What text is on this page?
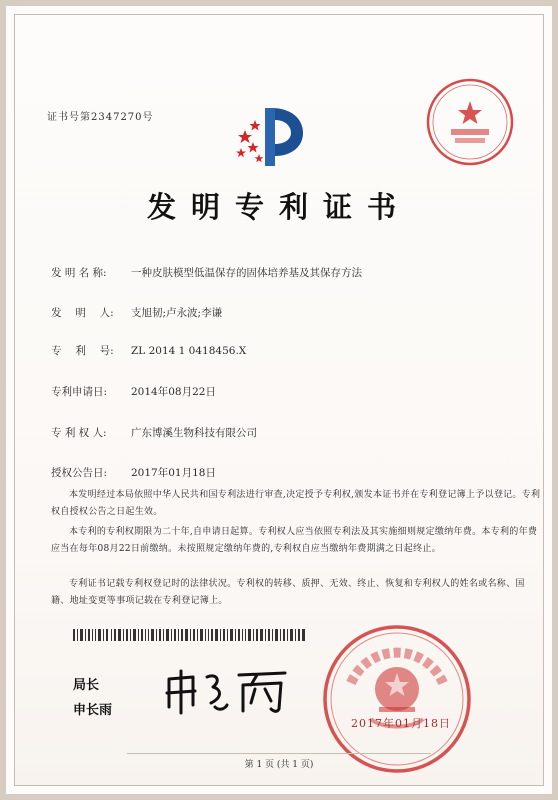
证书号第2347270号
发明专利证书
发 明 名 称: 一种皮肤模型低温保存的固体培养基及其保存方法
发　 明 　人: 支旭韧;卢永波;李谦
专　 利　 号: ZL 2014 1 0418456.X
专利申请日: 2014年08月22日
专 利 权 人: 广东博溪生物科技有限公司
授权公告日: 2017年01月18日
本发明经过本局依照中华人民共和国专利法进行审查,决定授予专利权,颁发本证书并在专利登记簿上予以登记。专利权自授权公告之日起生效。
本专利的专利权期限为二十年,自申请日起算。专利权人应当依照专利法及其实施细则规定缴纳年费。本专利的年费应当在每年08月22日前缴纳。未按照规定缴纳年费的,专利权自应当缴纳年费期满之日起终止。
专利证书记载专利权登记时的法律状况。专利权的转移、质押、无效、终止、恢复和专利权人的姓名或名称、国籍、地址变更等事项记载在专利登记簿上。
局长
申长雨
2017年01月18日
第 1 页 (共 1 页)
